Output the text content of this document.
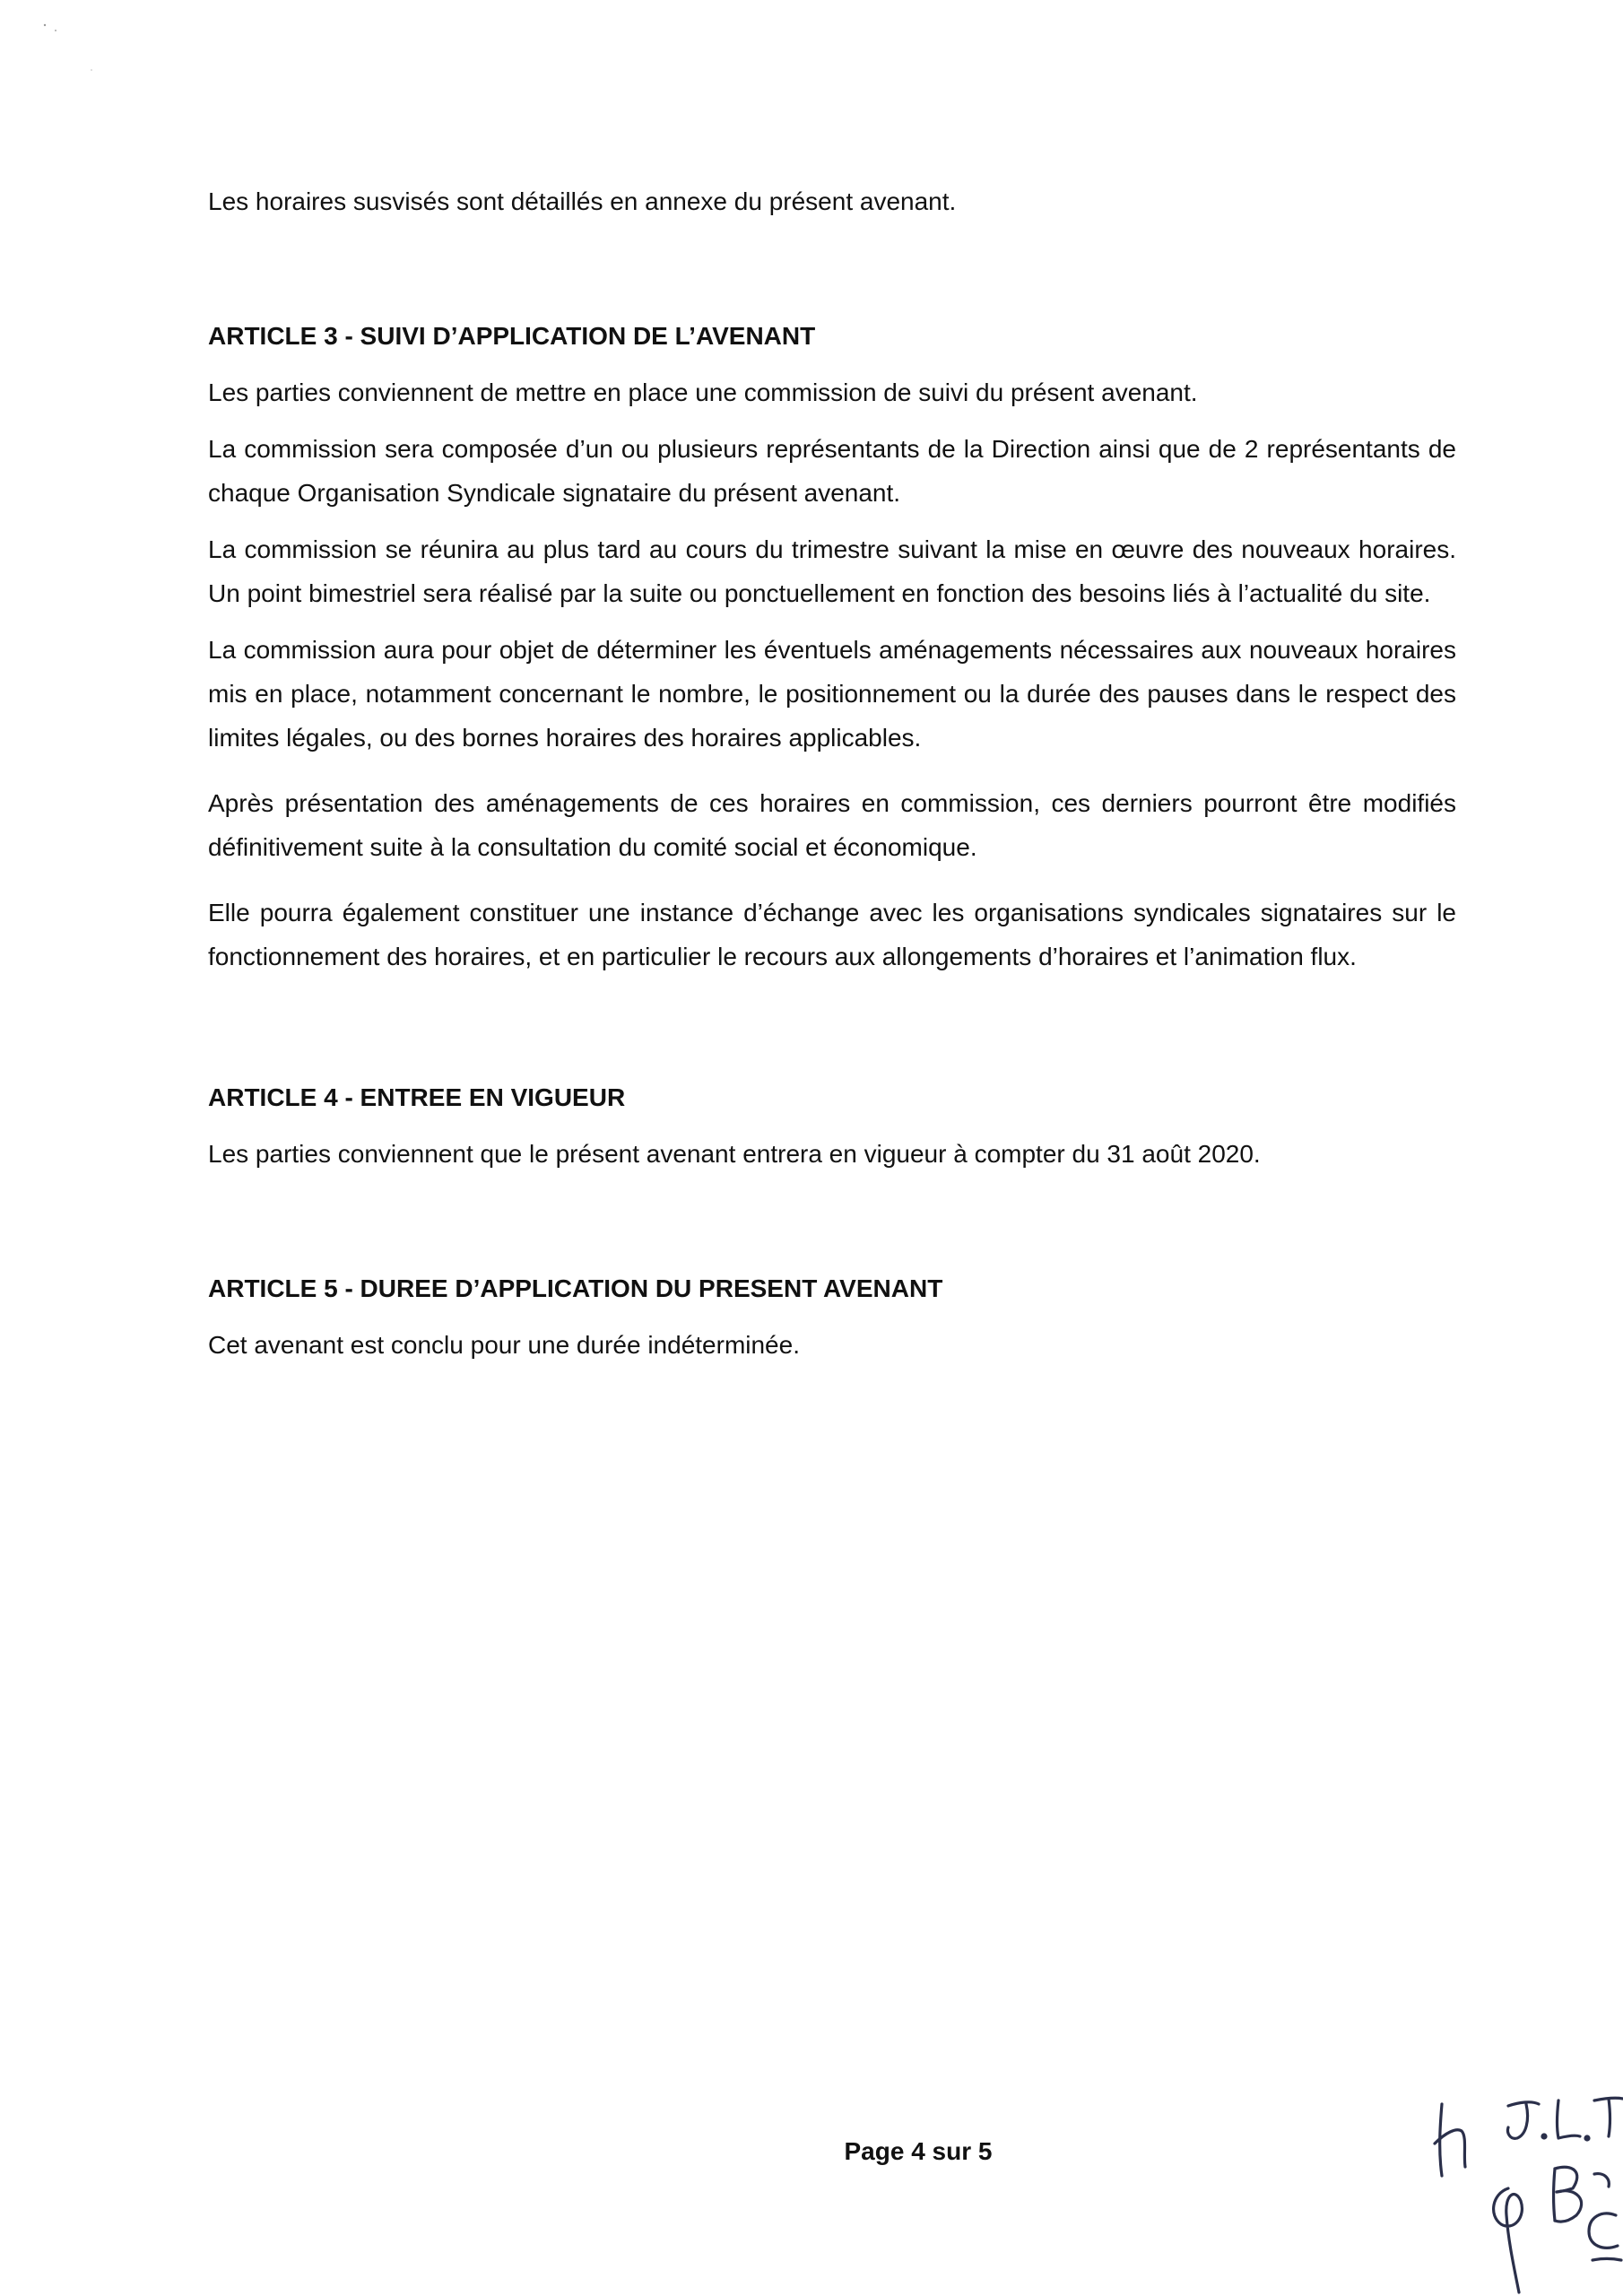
Les horaires susvisés sont détaillés en annexe du présent avenant.

ARTICLE 3 - SUIVI D’APPLICATION DE L’AVENANT

Les parties conviennent de mettre en place une commission de suivi du présent avenant.

La commission sera composée d’un ou plusieurs représentants de la Direction ainsi que de 2 représentants de chaque Organisation Syndicale signataire du présent avenant.

La commission se réunira au plus tard au cours du trimestre suivant la mise en œuvre des nouveaux horaires. Un point bimestriel sera réalisé par la suite ou ponctuellement en fonction des besoins liés à l’actualité du site.

La commission aura pour objet de déterminer les éventuels aménagements nécessaires aux nouveaux horaires mis en place, notamment concernant le nombre, le positionnement ou la durée des pauses dans le respect des limites légales, ou des bornes horaires des horaires applicables.

Après présentation des aménagements de ces horaires en commission, ces derniers pourront être modifiés définitivement suite à la consultation du comité social et économique.

Elle pourra également constituer une instance d’échange avec les organisations syndicales signataires sur le fonctionnement des horaires, et en particulier le recours aux allongements d’horaires et l’animation flux.

ARTICLE 4 - ENTREE EN VIGUEUR

Les parties conviennent que le présent avenant entrera en vigueur à compter du 31 août 2020.

ARTICLE 5 - DUREE D’APPLICATION DU PRESENT AVENANT

Cet avenant est conclu pour une durée indéterminée.

Page 4 sur 5
